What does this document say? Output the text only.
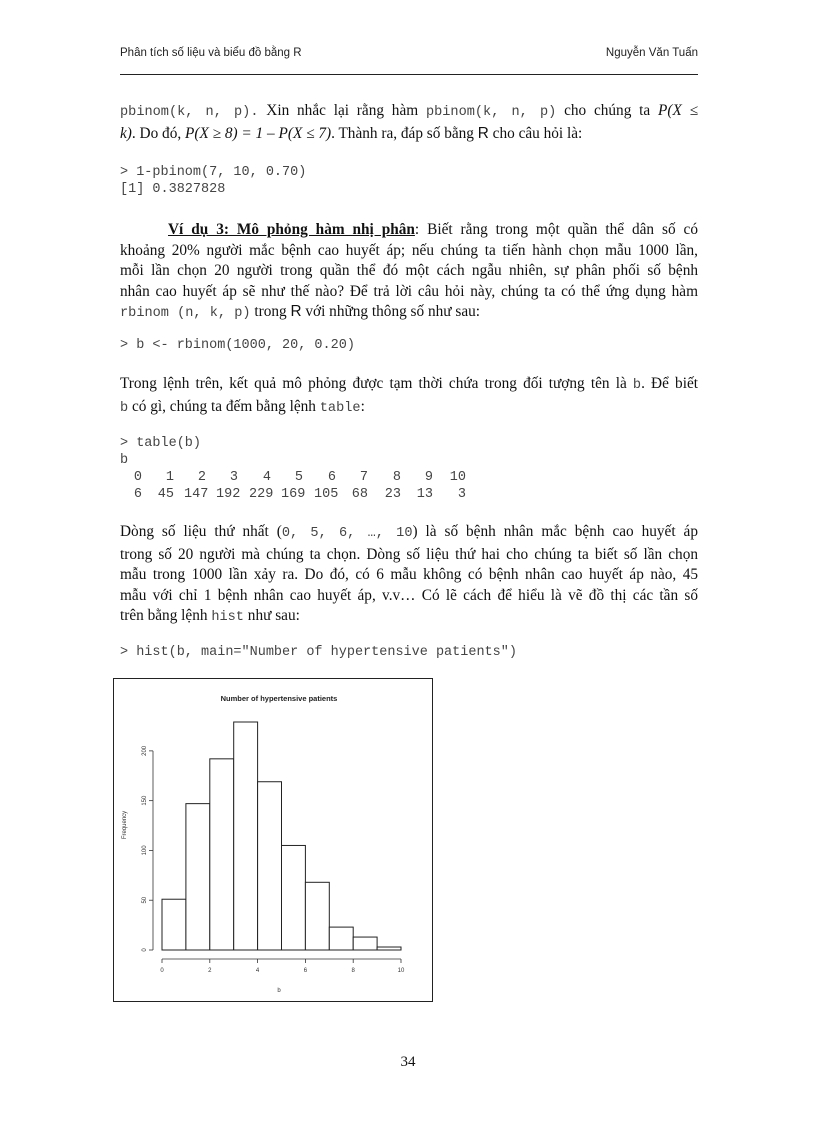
Phân tích số liệu và biểu đồ bằng R	Nguyễn Văn Tuấn
pbinom(k, n, p). Xin nhắc lại rằng hàm pbinom(k, n, p) cho chúng ta P(X ≤
k). Do đó, P(X ≥ 8) = 1 – P(X ≤ 7). Thành ra, đáp số bằng R cho câu hỏi là:
> 1-pbinom(7, 10, 0.70)
[1] 0.3827828
Ví dụ 3: Mô phỏng hàm nhị phân: Biết rằng trong một quần thể dân số có
khoảng 20% người mắc bệnh cao huyết áp; nếu chúng ta tiến hành chọn mẫu 1000 lần,
mỗi lần chọn 20 người trong quần thể đó một cách ngẫu nhiên, sự phân phối số bệnh
nhân cao huyết áp sẽ như thế nào? Để trả lời câu hỏi này, chúng ta có thể ứng dụng hàm
rbinom (n, k, p) trong R với những thông số như sau:
> b <- rbinom(1000, 20, 0.20)
Trong lệnh trên, kết quả mô phỏng được tạm thời chứa trong đối tượng tên là b. Để biết
b có gì, chúng ta đếm bằng lệnh table:
> table(b)
b
0	1	2	3	4	5	6	7	8	9	10
6	45 147 192 229 169 105 68	23	13	3
Dòng số liệu thứ nhất (0, 5, 6, …, 10) là số bệnh nhân mắc bệnh cao huyết áp
trong số 20 người mà chúng ta chọn. Dòng số liệu thứ hai cho chúng ta biết số lần chọn
mẫu trong 1000 lần xảy ra. Do đó, có 6 mẫu không có bệnh nhân cao huyết áp nào, 45
mẫu với chỉ 1 bệnh nhân cao huyết áp, v.v… Có lẽ cách để hiểu là vẽ đồ thị các tần số
trên bằng lệnh hist như sau:
> hist(b, main="Number of hypertensive patients")
Number of hypertensive patients
0	2	4	6	8	10
0
50
100
150
200
b
Frequency
34
